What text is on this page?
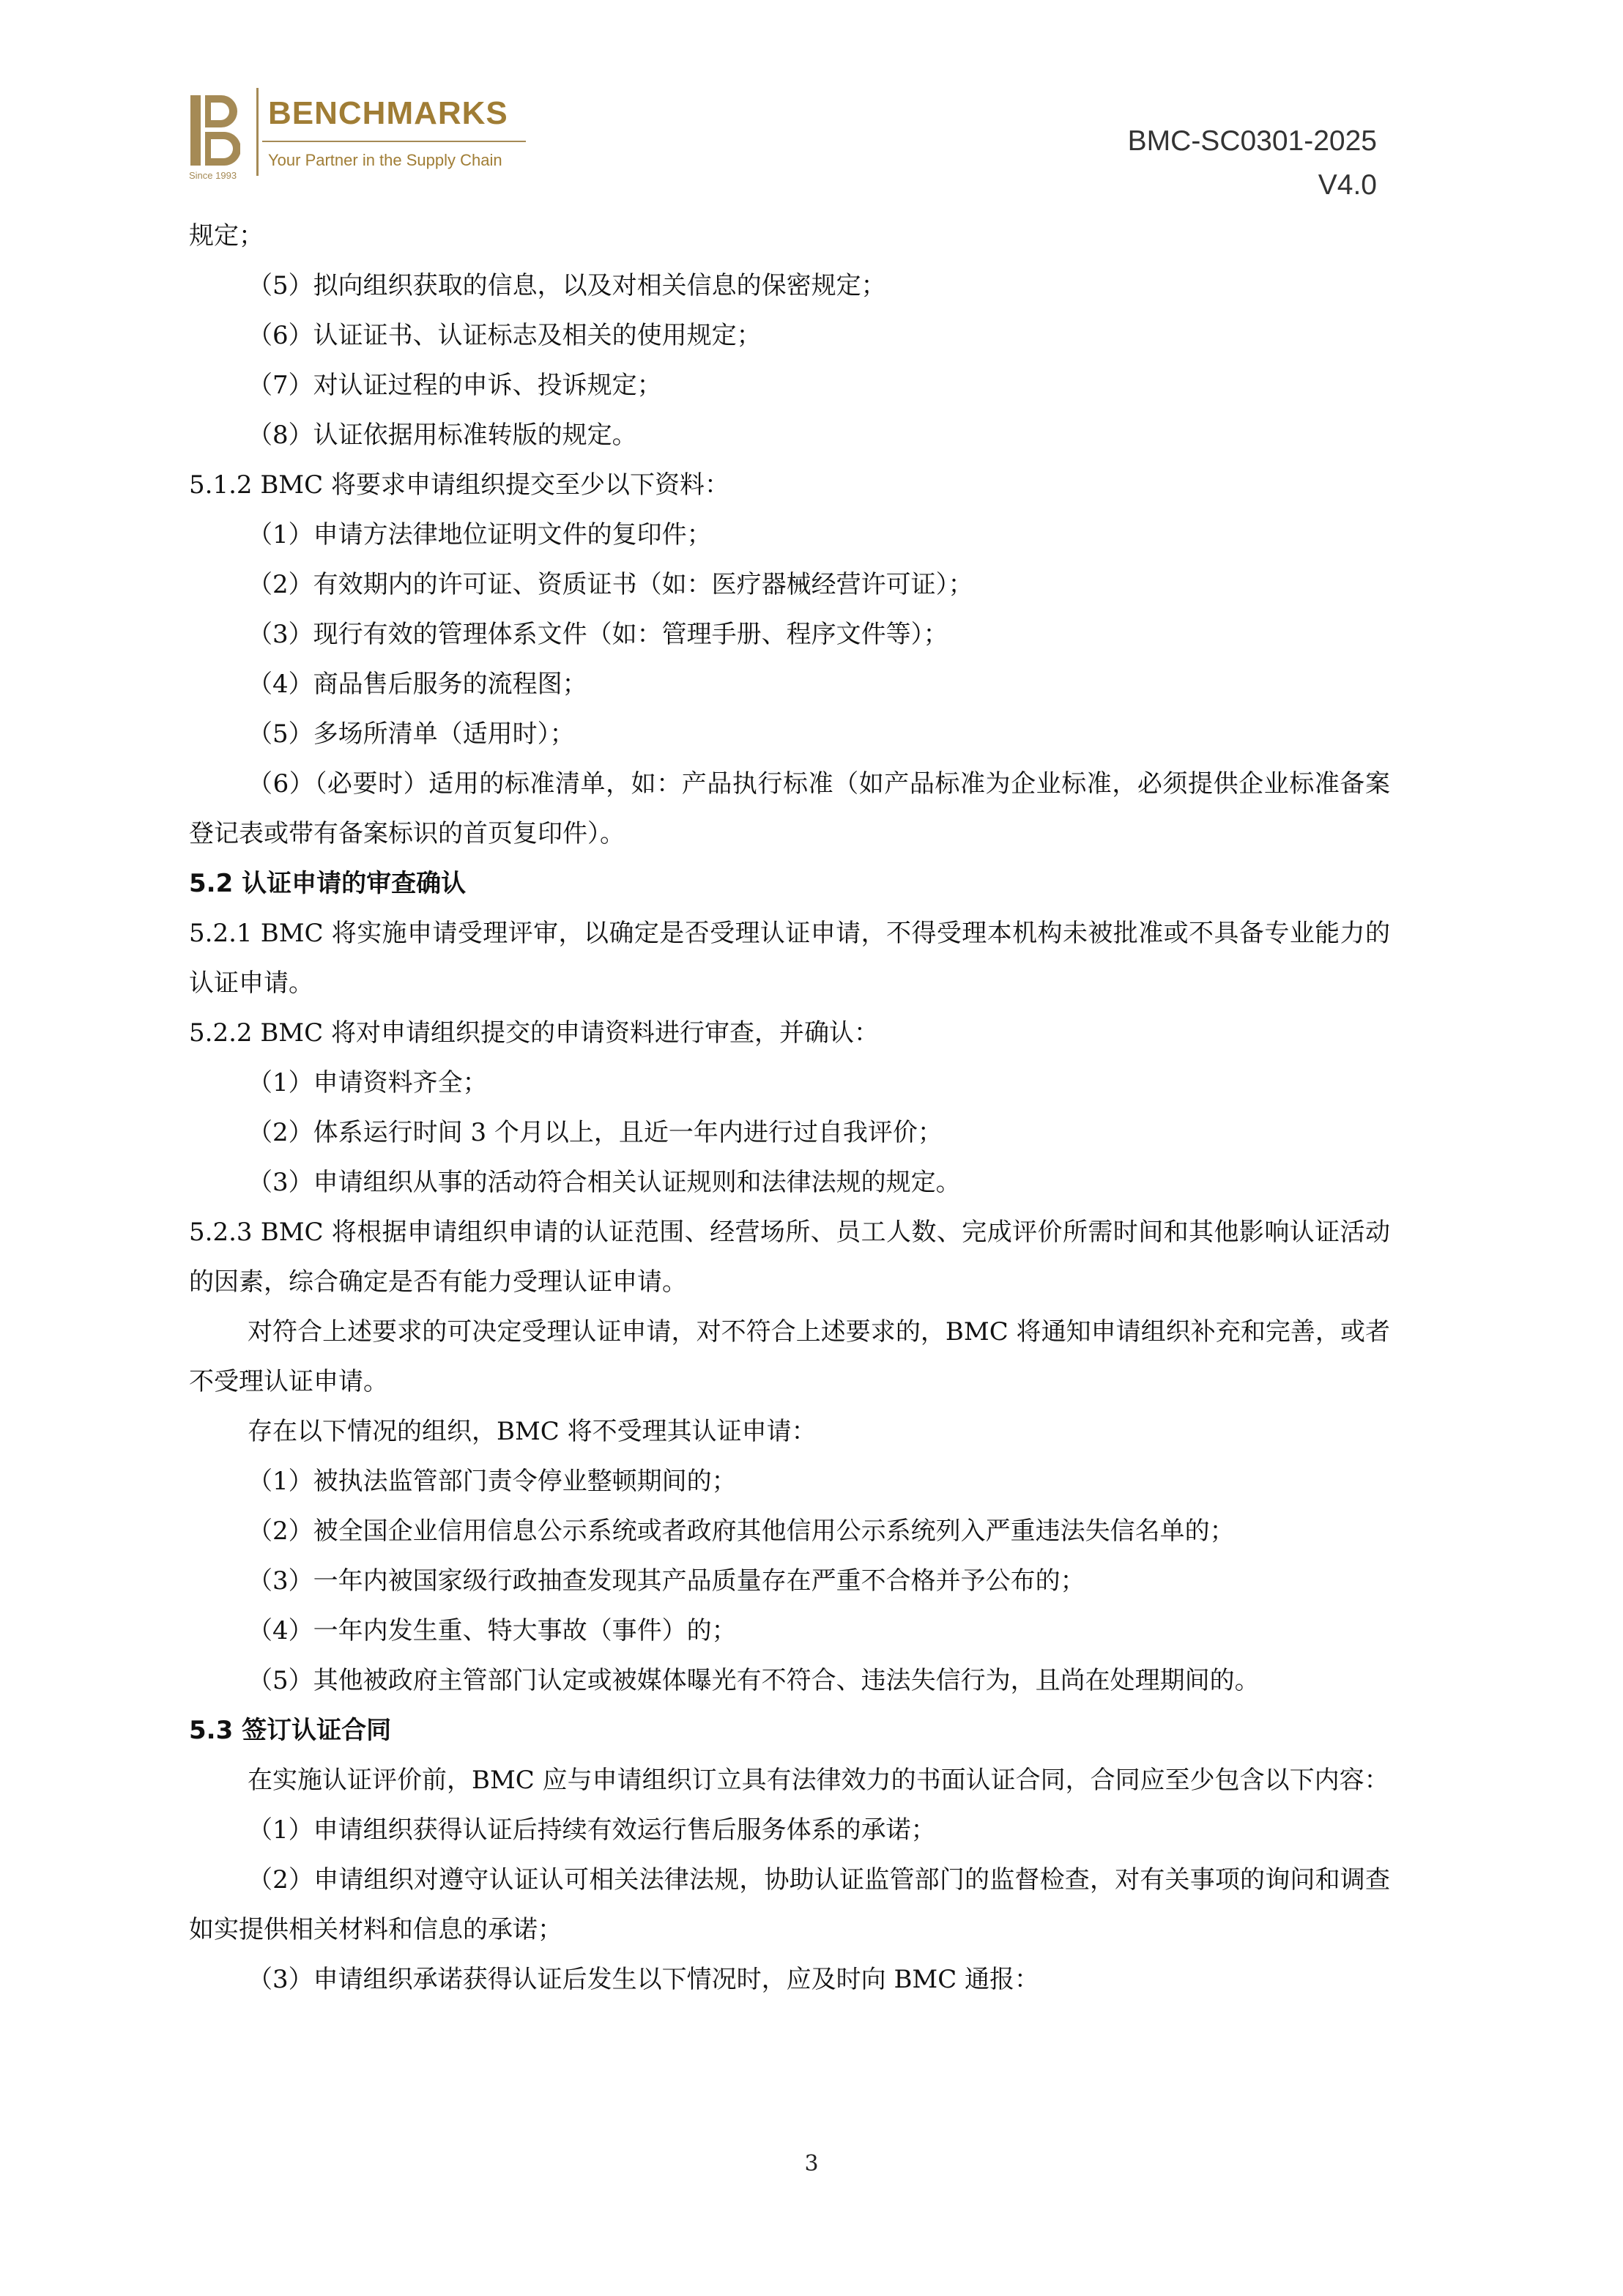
Since 1993
BENCHMARKS
Your Partner in the Supply Chain
BMC-SC0301-2025
V4.0

规定；

（5）拟向组织获取的信息，以及对相关信息的保密规定；

（6）认证证书、认证标志及相关的使用规定；

（7）对认证过程的申诉、投诉规定；

（8）认证依据用标准转版的规定。

5.1.2 BMC 将要求申请组织提交至少以下资料：

（1）申请方法律地位证明文件的复印件；

（2）有效期内的许可证、资质证书（如：医疗器械经营许可证）；

（3）现行有效的管理体系文件（如：管理手册、程序文件等）；

（4）商品售后服务的流程图；

（5）多场所清单（适用时）；

（6）（必要时）适用的标准清单，如：产品执行标准（如产品标准为企业标准，必须提供企业标准备案登记表或带有备案标识的首页复印件）。

5.2 认证申请的审查确认

5.2.1 BMC 将实施申请受理评审，以确定是否受理认证申请，不得受理本机构未被批准或不具备专业能力的认证申请。

5.2.2 BMC 将对申请组织提交的申请资料进行审查，并确认：

（1）申请资料齐全；

（2）体系运行时间 3 个月以上，且近一年内进行过自我评价；

（3）申请组织从事的活动符合相关认证规则和法律法规的规定。

5.2.3 BMC 将根据申请组织申请的认证范围、经营场所、员工人数、完成评价所需时间和其他影响认证活动的因素，综合确定是否有能力受理认证申请。

对符合上述要求的可决定受理认证申请，对不符合上述要求的，BMC 将通知申请组织补充和完善，或者不受理认证申请。

存在以下情况的组织，BMC 将不受理其认证申请：

（1）被执法监管部门责令停业整顿期间的；

（2）被全国企业信用信息公示系统或者政府其他信用公示系统列入严重违法失信名单的；

（3）一年内被国家级行政抽查发现其产品质量存在严重不合格并予公布的；

（4）一年内发生重、特大事故（事件）的；

（5）其他被政府主管部门认定或被媒体曝光有不符合、违法失信行为，且尚在处理期间的。

5.3 签订认证合同

在实施认证评价前，BMC 应与申请组织订立具有法律效力的书面认证合同，合同应至少包含以下内容：

（1）申请组织获得认证后持续有效运行售后服务体系的承诺；

（2）申请组织对遵守认证认可相关法律法规，协助认证监管部门的监督检查，对有关事项的询问和调查如实提供相关材料和信息的承诺；

（3）申请组织承诺获得认证后发生以下情况时，应及时向 BMC 通报：

3
